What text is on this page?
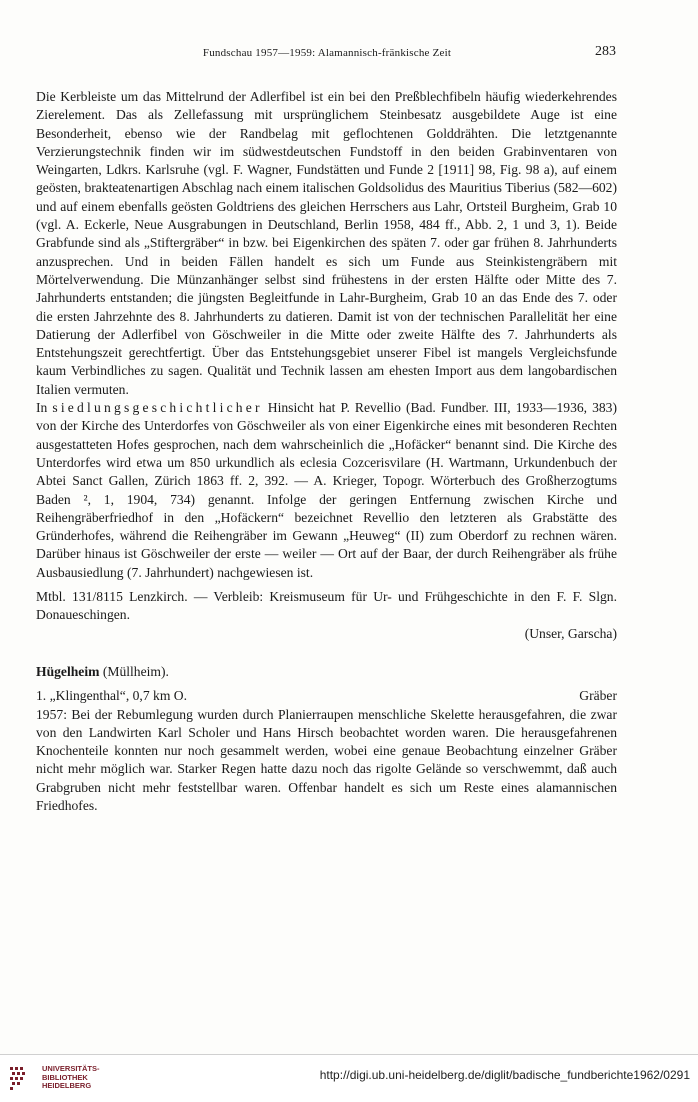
Fundschau 1957—1959: Alamannisch-fränkische Zeit	283

Die Kerbleiste um das Mittelrund der Adlerfibel ist ein bei den Preßblechfibeln häufig wiederkehrendes Zierelement. Das als Zellefassung mit ursprünglichem Steinbesatz ausgebildete Auge ist eine Besonderheit, ebenso wie der Randbelag mit geflochtenen Golddrähten. Die letztgenannte Verzierungstechnik finden wir im südwestdeutschen Fundstoff in den beiden Grabinventaren von Weingarten, Ldkrs. Karlsruhe (vgl. F. Wagner, Fundstätten und Funde 2 [1911] 98, Fig. 98 a), auf einem geösten, brakteatenartigen Abschlag nach einem italischen Goldsolidus des Mauritius Tiberius (582—602) und auf einem ebenfalls geösten Goldtriens des gleichen Herrschers aus Lahr, Ortsteil Burgheim, Grab 10 (vgl. A. Eckerle, Neue Ausgrabungen in Deutschland, Berlin 1958, 484 ff., Abb. 2, 1 und 3, 1). Beide Grabfunde sind als „Stiftergräber“ in bzw. bei Eigenkirchen des späten 7. oder gar frühen 8. Jahrhunderts anzusprechen. Und in beiden Fällen handelt es sich um Funde aus Steinkistengräbern mit Mörtelverwendung. Die Münzanhänger selbst sind frühestens in der ersten Hälfte oder Mitte des 7. Jahrhunderts entstanden; die jüngsten Begleitfunde in Lahr-Burgheim, Grab 10 an das Ende des 7. oder die ersten Jahrzehnte des 8. Jahrhunderts zu datieren. Damit ist von der technischen Parallelität her eine Datierung der Adlerfibel von Göschweiler in die Mitte oder zweite Hälfte des 7. Jahrhunderts als Entstehungszeit gerechtfertigt. Über das Entstehungsgebiet unserer Fibel ist mangels Vergleichsfunde kaum Verbindliches zu sagen. Qualität und Technik lassen am ehesten Import aus dem langobardischen Italien vermuten.

In siedlungsgeschichtlicher Hinsicht hat P. Revellio (Bad. Fundber. III, 1933—1936, 383) von der Kirche des Unterdorfes von Göschweiler als von einer Eigenkirche eines mit besonderen Rechten ausgestatteten Hofes gesprochen, nach dem wahrscheinlich die „Hofäcker“ benannt sind. Die Kirche des Unterdorfes wird etwa um 850 urkundlich als eclesia Cozcerisvilare (H. Wartmann, Urkundenbuch der Abtei Sanct Gallen, Zürich 1863 ff. 2, 392. — A. Krieger, Topogr. Wörterbuch des Großherzogtums Baden ², 1, 1904, 734) genannt. Infolge der geringen Entfernung zwischen Kirche und Reihengräberfriedhof in den „Hofäckern“ bezeichnet Revellio den letzteren als Grabstätte des Gründerhofes, während die Reihengräber im Gewann „Heuweg“ (II) zum Oberdorf zu rechnen wären. Darüber hinaus ist Göschweiler der erste — weiler — Ort auf der Baar, der durch Reihengräber als frühe Ausbausiedlung (7. Jahrhundert) nachgewiesen ist.

Mtbl. 131/8115 Lenzkirch. — Verbleib: Kreismuseum für Ur- und Frühgeschichte in den F. F. Slgn. Donaueschingen.

(Unser, Garscha)

Hügelheim (Müllheim).

1. „Klingenthal“, 0,7 km O.	Gräber

1957: Bei der Rebumlegung wurden durch Planierraupen menschliche Skelette herausgefahren, die zwar von den Landwirten Karl Scholer und Hans Hirsch beobachtet worden waren. Die herausgefahrenen Knochenteile konnten nur noch gesammelt werden, wobei eine genaue Beobachtung einzelner Gräber nicht mehr möglich war. Starker Regen hatte dazu noch das rigolte Gelände so verschwemmt, daß auch Grabgruben nicht mehr feststellbar waren. Offenbar handelt es sich um Reste eines alamannischen Friedhofes.

UNIVERSITÄTS-
BIBLIOTHEK
HEIDELBERG
http://digi.ub.uni-heidelberg.de/diglit/badische_fundberichte1962/0291
